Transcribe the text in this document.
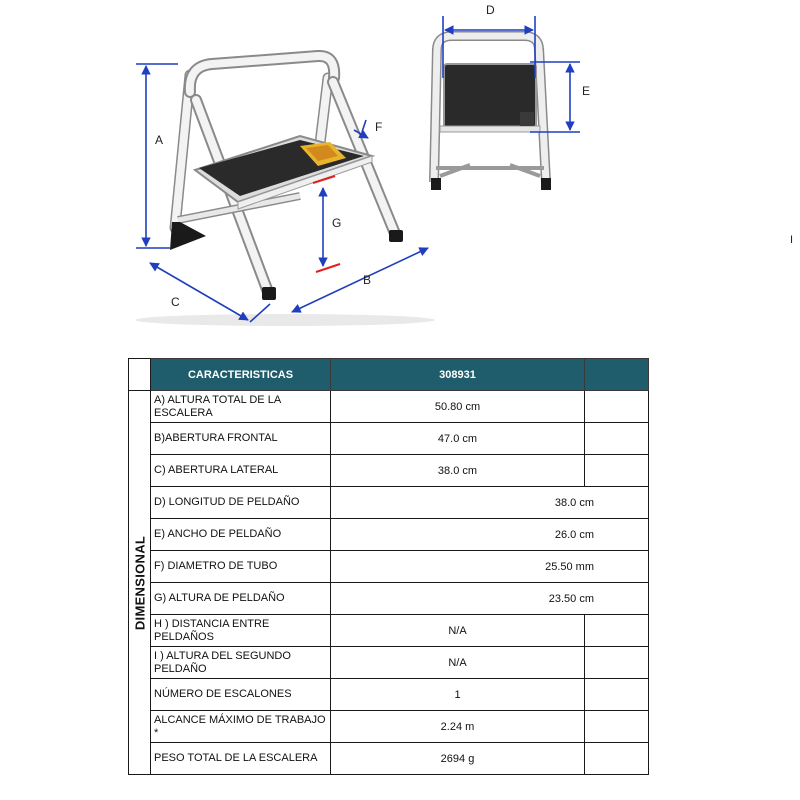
A
B
C
D
E
F
G
I
	CARACTERISTICAS	308931	

DIMENSIONAL	A) ALTURA TOTAL DE LA ESCALERA	50.80 cm	
	B)ABERTURA FRONTAL	47.0 cm	
	C) ABERTURA LATERAL	38.0 cm	
	D) LONGITUD DE PELDAÑO	38.0 cm	
	E) ANCHO DE PELDAÑO	26.0 cm	
	F) DIAMETRO DE TUBO	25.50 mm	
	G) ALTURA DE PELDAÑO	23.50 cm	
	H ) DISTANCIA ENTRE PELDAÑOS	N/A	
	I ) ALTURA DEL SEGUNDO PELDAÑO	N/A	
	NÚMERO DE ESCALONES	1	
	ALCANCE MÁXIMO DE TRABAJO *	2.24 m	
	PESO TOTAL DE LA ESCALERA	2694 g	
